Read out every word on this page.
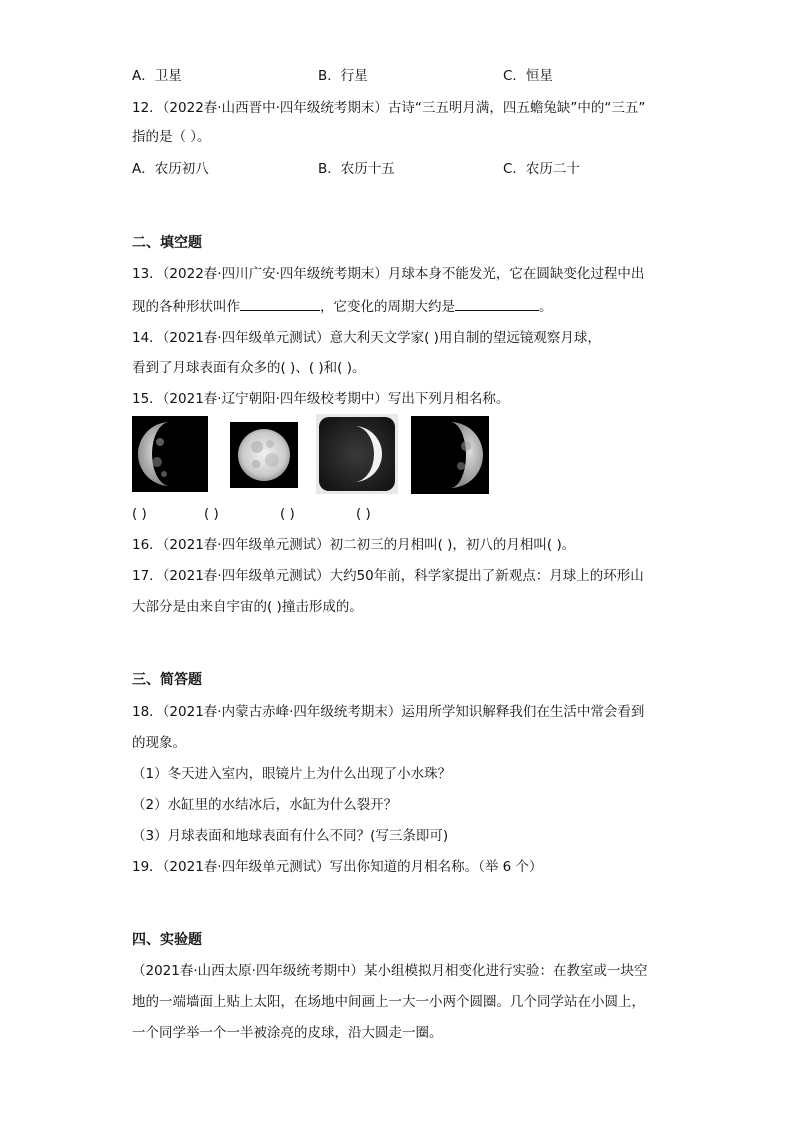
A．卫星	B．行星	C．恒星
12．（2022春·山西晋中·四年级统考期末）古诗“三五明月满，四五蟾兔缺”中的“三五”
指的是（ ）。
A．农历初八	B．农历十五	C．农历二十
二、填空题
13．（2022春·四川广安·四年级统考期末）月球本身不能发光，它在圆缺变化过程中出
现的各种形状叫作	，它变化的周期大约是	。
14．（2021春·四年级单元测试）意大利天文学家( )用自制的望远镜观察月球，
看到了月球表面有众多的( )、( )和( )。
15．（2021春·辽宁朝阳·四年级校考期中）写出下列月相名称。
( )	( )	( )	( )
16．（2021春·四年级单元测试）初二初三的月相叫( )，初八的月相叫( )。
17．（2021春·四年级单元测试）大约50年前，科学家提出了新观点：月球上的环形山
大部分是由来自宇宙的( )撞击形成的。
三、简答题
18．（2021春·内蒙古赤峰·四年级统考期末）运用所学知识解释我们在生活中常会看到
的现象。
（1）冬天进入室内，眼镜片上为什么出现了小水珠？
（2）水缸里的水结冰后，水缸为什么裂开？
（3）月球表面和地球表面有什么不同？(写三条即可)
19．（2021春·四年级单元测试）写出你知道的月相名称。（举 6 个）
四、实验题
（2021春·山西太原·四年级统考期中）某小组模拟月相变化进行实验：在教室或一块空
地的一端墙面上贴上太阳，在场地中间画上一大一小两个圆圈。几个同学站在小圆上，
一个同学举一个一半被涂亮的皮球，沿大圆走一圈。
